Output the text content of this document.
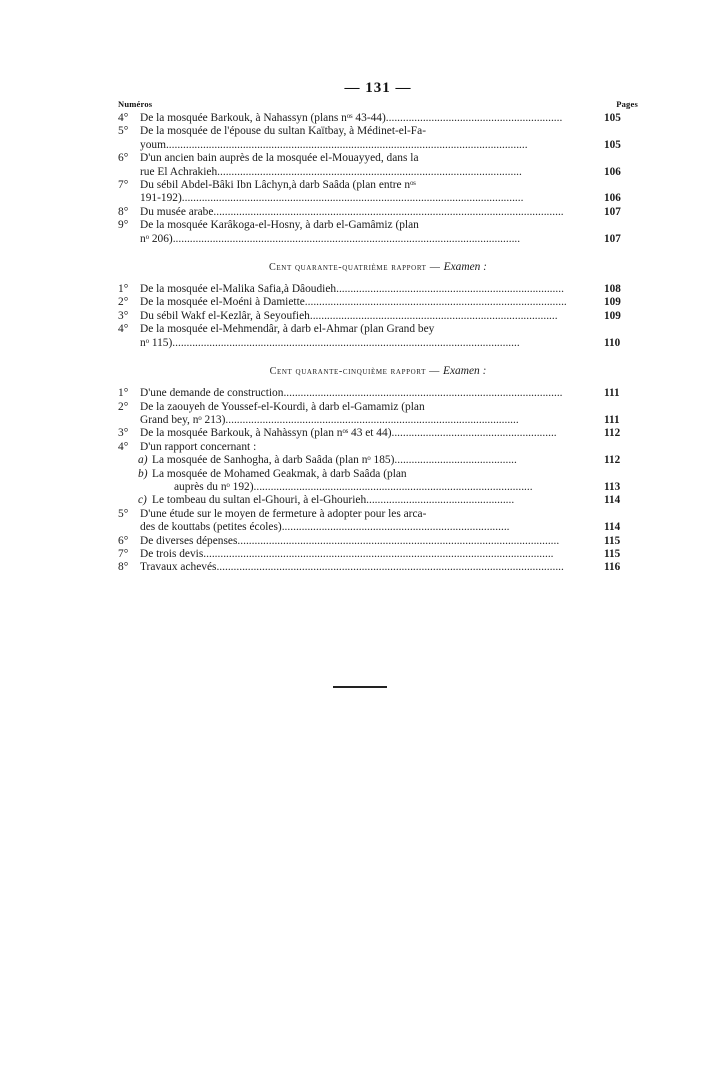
— 131 —
Numéros	Pages
4°	De la mosquée Barkouk, à Nahassyn (plans nᵒˢ 43-44)..............................................................	105
5°	De la mosquée de l'épouse du sultan Kaïtbay, à Médinet-el-Fa-
youm...............................................................................................................................	105
6°	D'un ancien bain auprès de la mosquée el-Mouayyed, dans la
rue El Achrakieh...........................................................................................................	106
7°	Du sébil Abdel-Bâki Ibn Lâchyn,à darb Saâda (plan entre nᵒˢ
191-192)........................................................................................................................	106
8°	Du musée arabe...........................................................................................................................	107
9°	De la mosquée Karâkoga-el-Hosny, à darb el-Gamâmiz (plan
nᵒ 206)..........................................................................................................................	107
Cent quarante-quatrième rapport — Examen :
1°	De la mosquée el-Malika Safia,à Dâoudieh................................................................................	108
2°	De la mosquée el-Moéni à Damiette............................................................................................	109
3°	Du sébil Wakf el-Kezlâr, à Seyoufieh.......................................................................................	109
4°	De la mosquée el-Mehmendâr, à darb el-Ahmar (plan Grand bey
nᵒ 115)..........................................................................................................................	110
Cent quarante-cinquième rapport — Examen :
1°	D'une demande de construction..................................................................................................	111
2°	De la zaouyeh de Youssef-el-Kourdi, à darb el-Gamamiz (plan
Grand bey, nᵒ 213).......................................................................................................	111
3°	De la mosquée Barkouk, à Nahàssyn (plan nᵒˢ 43 et 44)..........................................................	112
4°	D'un rapport concernant :
a) La mosquée de Sanhogha, à darb Saâda (plan nᵒ 185)...........................................	112
b) La mosquée de Mohamed Geakmak, à darb Saâda (plan
auprès du nᵒ 192)..................................................................................................	113
c) Le tombeau du sultan el-Ghouri, à el-Ghourieh....................................................	114
5°	D'une étude sur le moyen de fermeture à adopter pour les arca-
des de kouttabs (petites écoles)................................................................................	114
6°	De diverses dépenses.................................................................................................................	115
7°	De trois devis...........................................................................................................................	115
8°	Travaux achevés..........................................................................................................................	116
